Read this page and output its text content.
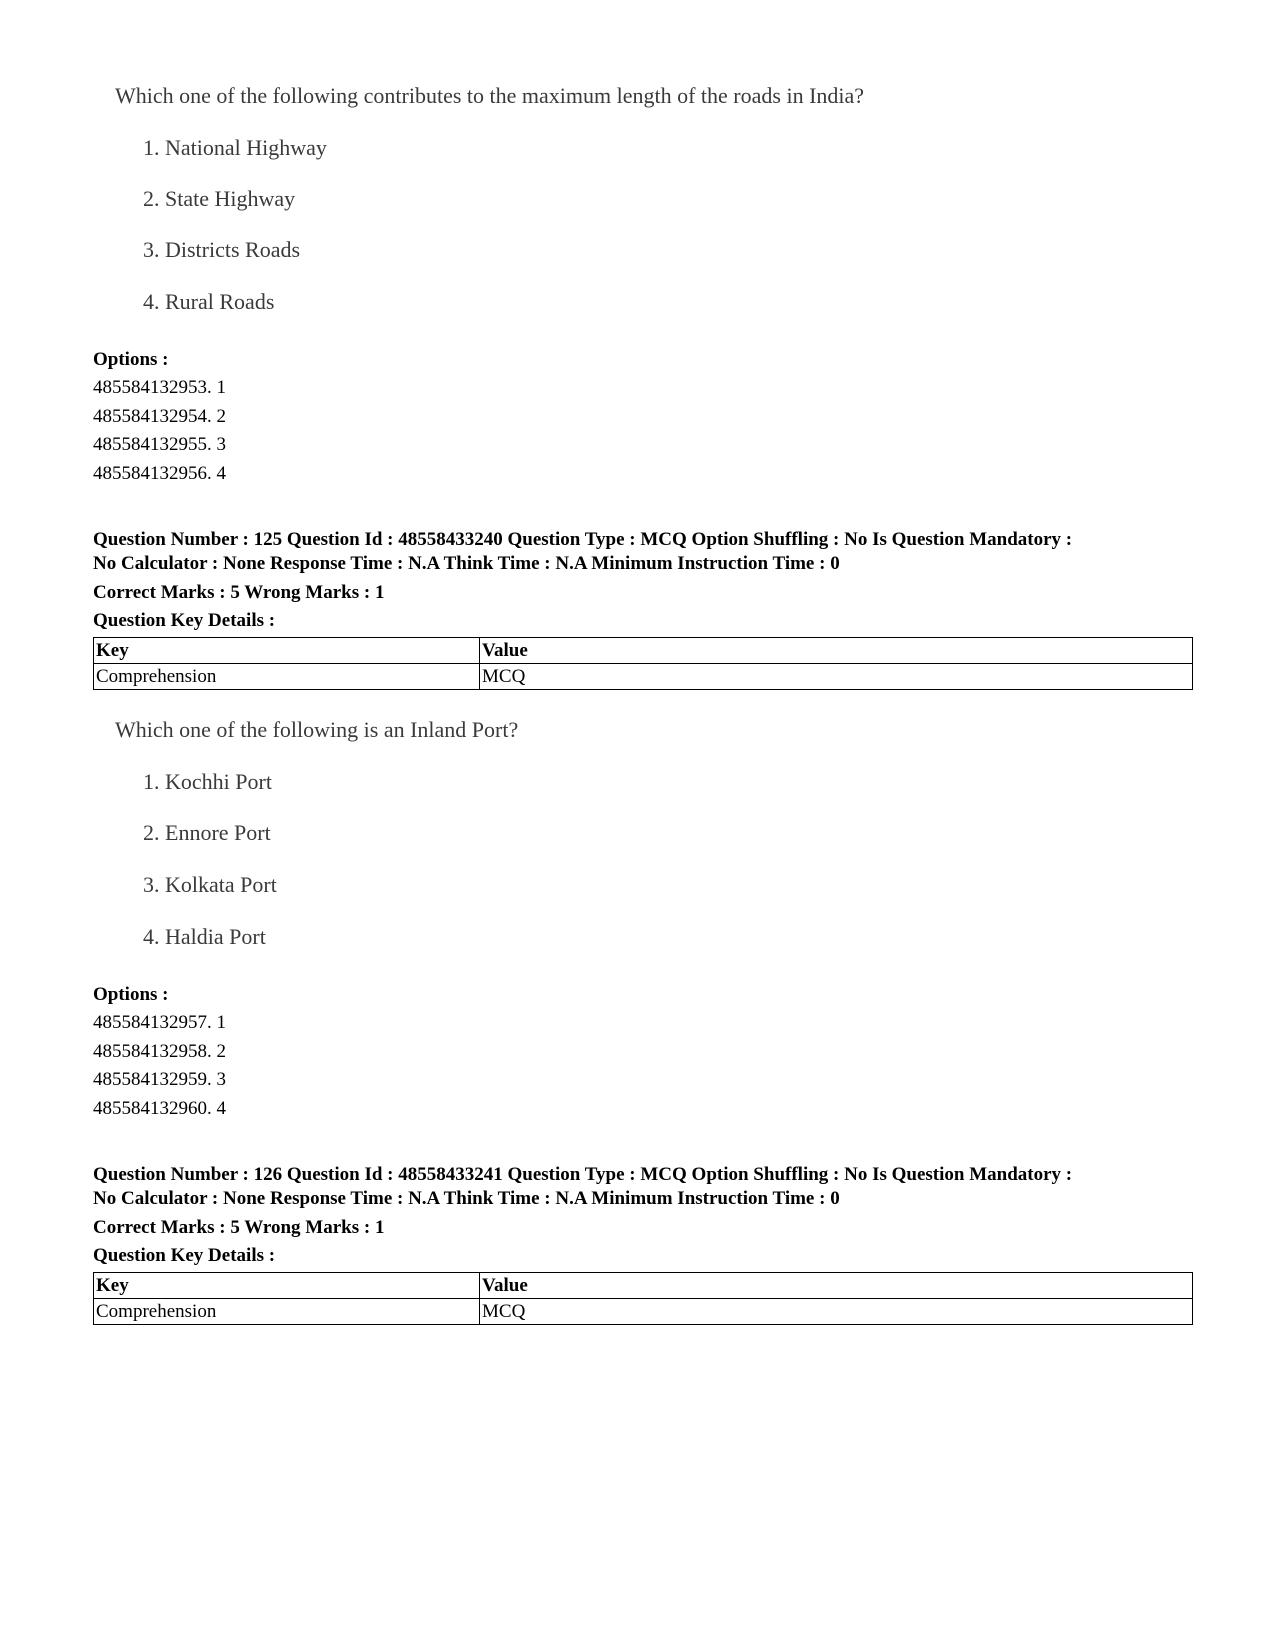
Which one of the following contributes to the maximum length of the roads in India?
1. National Highway
2. State Highway
3. Districts Roads
4. Rural Roads
Options :
485584132953. 1
485584132954. 2
485584132955. 3
485584132956. 4
Question Number : 125 Question Id : 48558433240 Question Type : MCQ Option Shuffling : No Is Question Mandatory :
No Calculator : None Response Time : N.A Think Time : N.A Minimum Instruction Time : 0
Correct Marks : 5 Wrong Marks : 1
Question Key Details :
Key	Value
Comprehension	MCQ
Which one of the following is an Inland Port?
1. Kochhi Port
2. Ennore Port
3. Kolkata Port
4. Haldia Port
Options :
485584132957. 1
485584132958. 2
485584132959. 3
485584132960. 4
Question Number : 126 Question Id : 48558433241 Question Type : MCQ Option Shuffling : No Is Question Mandatory :
No Calculator : None Response Time : N.A Think Time : N.A Minimum Instruction Time : 0
Correct Marks : 5 Wrong Marks : 1
Question Key Details :
Key	Value
Comprehension	MCQ
